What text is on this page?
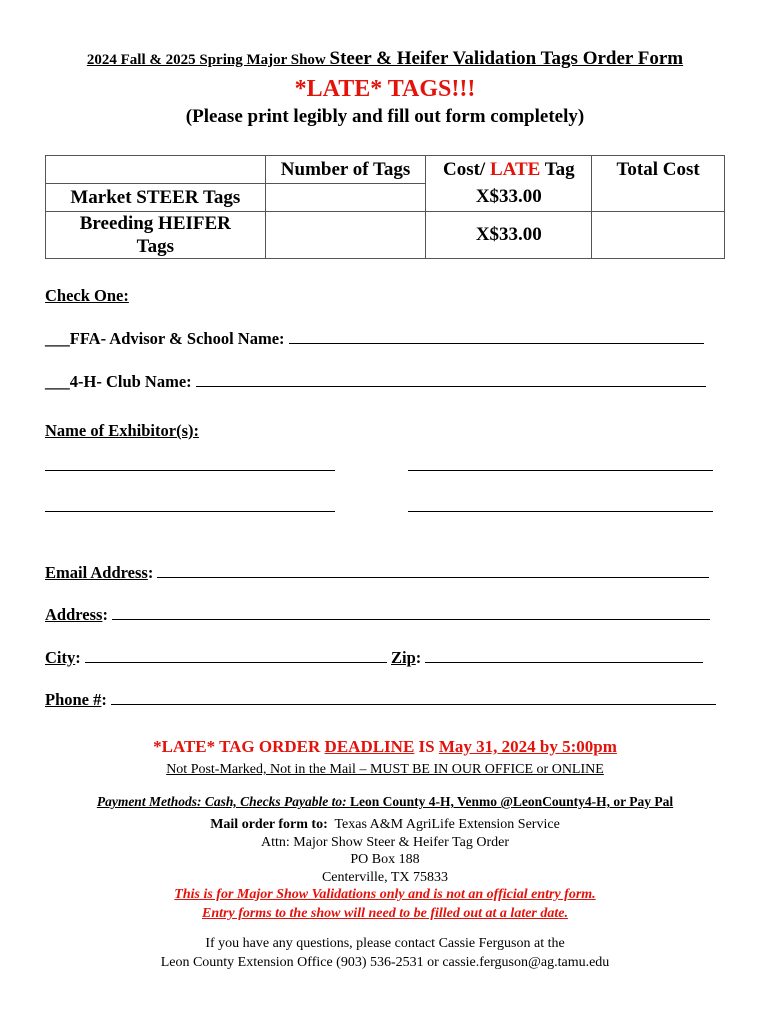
2024 Fall & 2025 Spring Major Show Steer & Heifer Validation Tags Order Form
*LATE* TAGS!!!
(Please print legibly and fill out form completely)
	Number of Tags	Cost/ LATE Tag	Total Cost
Market STEER Tags		X$33.00	
Breeding HEIFER
Tags		X$33.00	
Check One:
___FFA- Advisor & School Name:
___4-H- Club Name:
Name of Exhibitor(s):
Email Address:
Address:
City:	Zip:
Phone #:
*LATE* TAG ORDER DEADLINE IS May 31, 2024 by 5:00pm
Not Post-Marked, Not in the Mail – MUST BE IN OUR OFFICE or ONLINE
Payment Methods: Cash, Checks Payable to: Leon County 4-H, Venmo @LeonCounty4-H, or Pay Pal
Mail order form to: Texas A&M AgriLife Extension Service
Attn: Major Show Steer & Heifer Tag Order
PO Box 188
Centerville, TX 75833
This is for Major Show Validations only and is not an official entry form.
Entry forms to the show will need to be filled out at a later date.
If you have any questions, please contact Cassie Ferguson at the
Leon County Extension Office (903) 536-2531 or cassie.ferguson@ag.tamu.edu
